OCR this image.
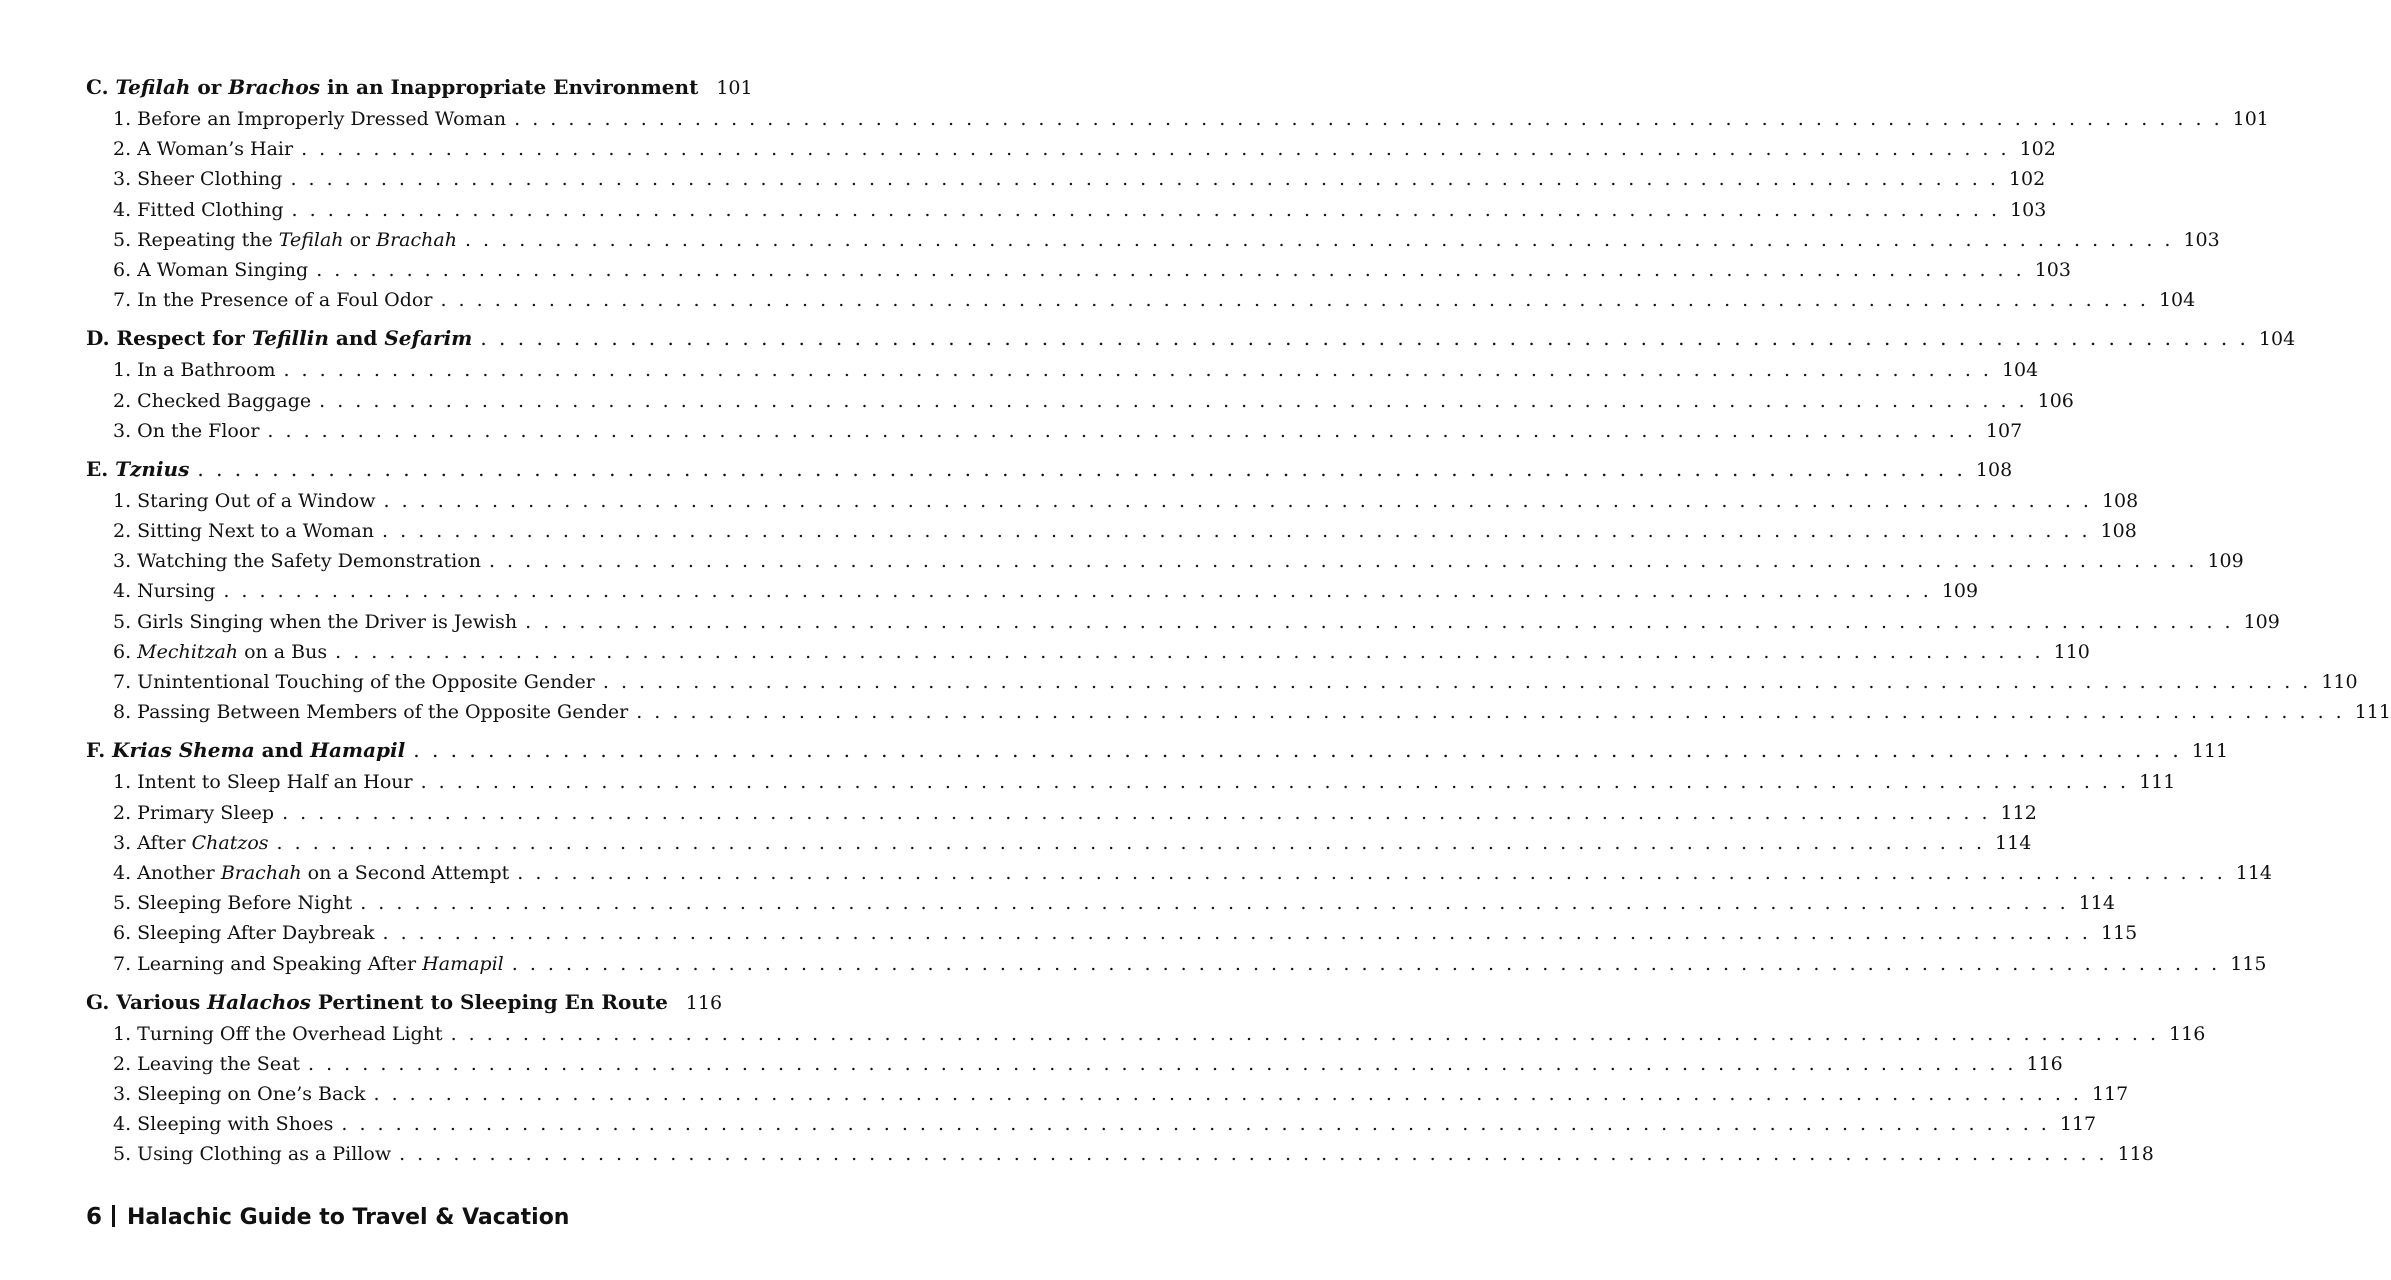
C. Tefilah or Brachos in an Inappropriate Environment 101
1. Before an Improperly Dressed Woman . . .	101
2. A Woman’s Hair . . .	102
3. Sheer Clothing . . .	102
4. Fitted Clothing . . .	103
5. Repeating the Tefilah or Brachah . . .	103
6. A Woman Singing . . .	103
7. In the Presence of a Foul Odor . . .	104
D. Respect for Tefillin and Sefarim . . .	104
1. In a Bathroom . . .	104
2. Checked Baggage . . .	106
3. On the Floor . . .	107
E. Tznius . . .	108
1. Staring Out of a Window . . .	108
2. Sitting Next to a Woman . . .	108
3. Watching the Safety Demonstration . . .	109
4. Nursing . . .	109
5. Girls Singing when the Driver is Jewish . . .	109
6. Mechitzah on a Bus . . .	110
7. Unintentional Touching of the Opposite Gender . . .	110
8. Passing Between Members of the Opposite Gender . . .	111
F. Krias Shema and Hamapil . . .	111
1. Intent to Sleep Half an Hour . . .	111
2. Primary Sleep . . .	112
3. After Chatzos . . .	114
4. Another Brachah on a Second Attempt . . .	114
5. Sleeping Before Night . . .	114
6. Sleeping After Daybreak . . .	115
7. Learning and Speaking After Hamapil . . .	115
G. Various Halachos Pertinent to Sleeping En Route 116
1. Turning Off the Overhead Light . . .	116
2. Leaving the Seat . . .	116
3. Sleeping on One’s Back . . .	117
4. Sleeping with Shoes . . .	117
5. Using Clothing as a Pillow . . .	118
6 Halachic Guide to Travel & Vacation
